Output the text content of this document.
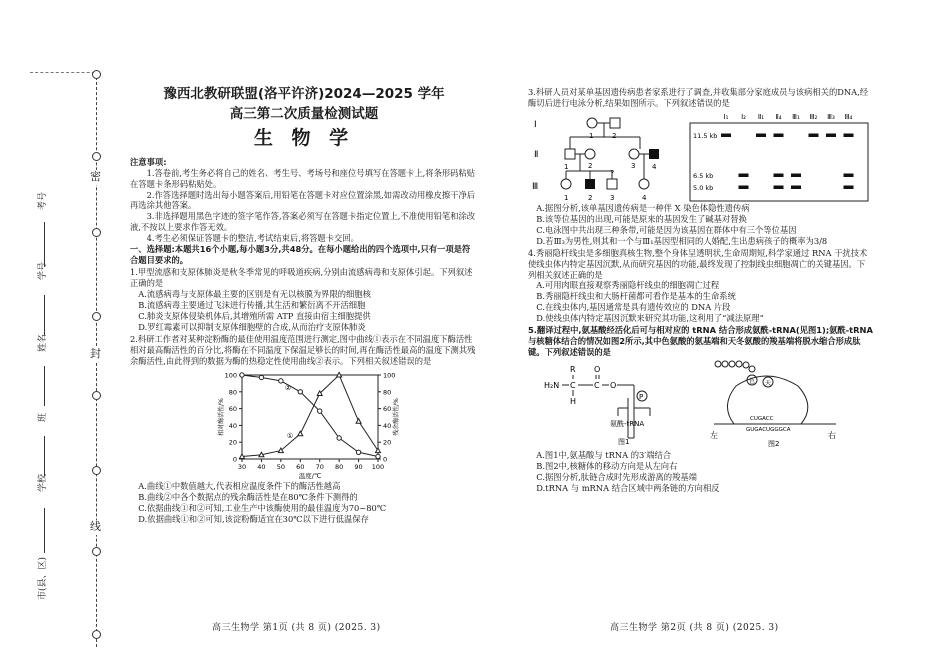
密
封
线
考号
学号
姓名
班
学校
市(县、区)
豫西北教研联盟(洛平许济)2024—2025 学年
高三第二次质量检测试题
生 物 学
注意事项:

1.答卷前,考生务必将自己的姓名、考生号、考场号和座位号填写在答题卡上,将条形码粘贴在答题卡条形码粘贴处。

2.作答选择题时选出每小题答案后,用铅笔在答题卡对应位置涂黑,如需改动用橡皮擦干净后再选涂其他答案。

3.非选择题用黑色字迹的签字笔作答,答案必须写在答题卡指定位置上,不准使用铅笔和涂改液,不按以上要求作答无效。

4.考生必须保证答题卡的整洁,考试结束后,将答题卡交回。

一、选择题:本题共16个小题,每小题3分,共48分。在每小题给出的四个选项中,只有一项是符合题目要求的。

1.甲型流感和支原体肺炎是秋冬季常见的呼吸道疾病,分别由流感病毒和支原体引起。下列叙述正确的是

A.流感病毒与支原体最主要的区别是有无以核膜为界限的细胞核

B.流感病毒主要通过飞沫进行传播,其生活和繁衍离不开活细胞

C.肺炎支原体侵染机体后,其增殖所需 ATP 直接由宿主细胞提供

D.罗红霉素可以抑制支原体细胞壁的合成,从而治疗支原体肺炎

2.科研工作者对某种淀粉酶的最佳使用温度范围进行测定,图中曲线①表示在不同温度下酶活性相对最高酶活性的百分比,将酶在不同温度下保温足够长的时间,再在酶活性最高的温度下测其残余酶活性,由此得到的数据为酶的热稳定性使用曲线②表示。下列相关叙述错误的是

0	0
20	20
40	40
60	60
80	80
100	100
30 40 50 60 70 80 90 100
温度/℃
相对酶活性/%	残余酶活性/%
①
②

A.曲线①中数值越大,代表相应温度条件下的酶活性越高

B.曲线②中各个数据点的残余酶活性是在80℃条件下测得的

C.依据曲线①和②可知,工业生产中该酶使用的最佳温度为70~80℃

D.依据曲线①和②可知,该淀粉酶适宜在30℃以下进行低温保存

高三生物学 第1页 (共 8 页) (2025. 3)

3.科研人员对某单基因遗传病患者家系进行了调查,并收集部分家庭成员与该病相关的DNA,经酶切后进行电泳分析,结果如图所示。下列叙述错误的是

Ⅰ
Ⅱ
Ⅲ
1	2
1	2	3 4
?
1	2	3	4
Ⅰ₁ Ⅰ₂ Ⅱ₁ Ⅱ₄ Ⅲ₁ Ⅲ₂ Ⅲ₃ Ⅲ₄
11.5 kb
6.5 kb
5.0 kb

A.据图分析,该单基因遗传病是一种伴 X 染色体隐性遗传病

B.该等位基因的出现,可能是原来的基因发生了碱基对替换

C.电泳图中共出现三种条带,可能是因为该基因在群体中有三个等位基因

D.若Ⅲ₃为男性,则其和一个与Ⅲ₁基因型相同的人婚配,生出患病孩子的概率为3/8

4.秀丽隐杆线虫是多细胞真核生物,整个身体呈透明状,生命周期短,科学家通过 RNA 干扰技术使线虫体内特定基因沉默,从而研究基因的功能,最终发现了控制线虫细胞凋亡的关键基因。下列相关叙述正确的是

A.可用肉眼直接观察秀丽隐杆线虫的细胞凋亡过程

B.秀丽隐杆线虫和大肠杆菌都可看作是基本的生命系统

C.在线虫体内,基因通常是具有遗传效应的 DNA 片段

D.使线虫体内特定基因沉默来研究其功能,这利用了“减法原理”

5.翻译过程中,氨基酸经活化后可与相对应的 tRNA 结合形成氨酰-tRNA(见图1);氨酰-tRNA 与核糖体结合的情况如图2所示,其中色氨酸的氨基端和天冬氨酸的羧基端将脱水缩合形成肽键。下列叙述错误的是

H₂N C
R
H
C
O
O
P
氨酰-tRNA
图1
色 天
CUGACC
GUGACUGGGCA
左	右
图2

A.图1中,氨基酸与 tRNA 的3′端结合

B.图2中,核糖体的移动方向是从左向右

C.据图分析,肽链合成时先形成游离的羧基端

D.tRNA 与 mRNA 结合区域中两条链的方向相反

高三生物学 第2页 (共 8 页) (2025. 3)
